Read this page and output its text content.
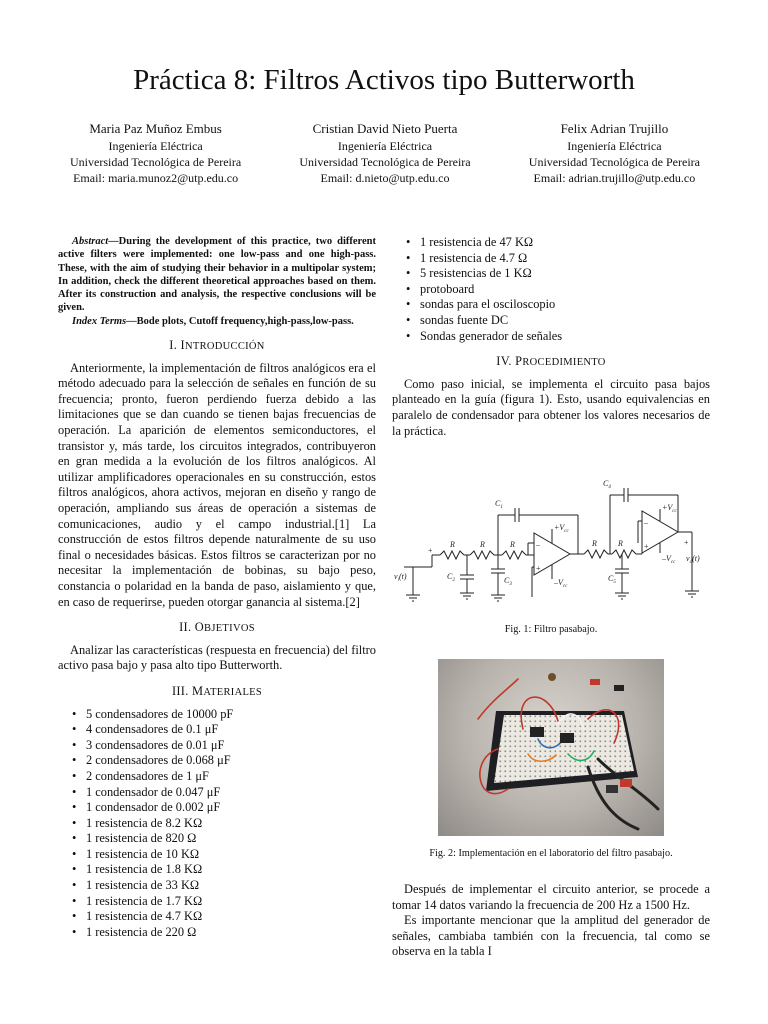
Práctica 8: Filtros Activos tipo Butterworth
Maria Paz Muñoz Embus
Ingeniería Eléctrica
Universidad Tecnológica de Pereira
Email: maria.munoz2@utp.edu.co
Cristian David Nieto Puerta
Ingeniería Eléctrica
Universidad Tecnológica de Pereira
Email: d.nieto@utp.edu.co
Felix Adrian Trujillo
Ingeniería Eléctrica
Universidad Tecnológica de Pereira
Email: adrian.trujillo@utp.edu.co

Abstract—During the development of this practice, two different active filters were implemented: one low-pass and one high-pass. These, with the aim of studying their behavior in a multipolar system; In addition, check the different theoretical approaches based on them. After its construction and analysis, the respective conclusions will be given.

Index Terms—Bode plots, Cutoff frequency,high-pass,low-pass.

I. INTRODUCCIÓN

Anteriormente, la implementación de filtros analógicos era el método adecuado para la selección de señales en función de su frecuencia; pronto, fueron perdiendo fuerza debido a las limitaciones que se dan cuando se tienen bajas frecuencias de operación. La aparición de elementos semiconductores, el transistor y, más tarde, los circuitos integrados, contribuyeron en gran medida a la evolución de los filtros analógicos. Al utilizar amplificadores operacionales en su construcción, estos filtros analógicos, ahora activos, mejoran en diseño y rango de operación, ampliando sus áreas de operación a sistemas de comunicaciones, audio y el campo industrial.[1] La construcción de estos filtros depende naturalmente de su uso final o necesidades básicas. Estos filtros se caracterizan por no necesitar la implementación de bobinas, su bajo peso, constancia o polaridad en la banda de paso, aislamiento y que, en caso de requerirse, pueden otorgar ganancia al sistema.[2]

II. OBJETIVOS

Analizar las características (respuesta en frecuencia) del filtro activo pasa bajo y pasa alto tipo Butterworth.

III. MATERIALES
• 5 condensadores de 10000 pF
• 4 condensadores de 0.1 μF
• 3 condensadores de 0.01 μF
• 2 condensadores de 0.068 μF
• 2 condensadores de 1 μF
• 1 condensador de 0.047 μF
• 1 condensador de 0.002 μF
• 1 resistencia de 8.2 KΩ
• 1 resistencia de 820 Ω
• 1 resistencia de 10 KΩ
• 1 resistencia de 1.8 KΩ
• 1 resistencia de 33 KΩ
• 1 resistencia de 1.7 KΩ
• 1 resistencia de 4.7 KΩ
• 1 resistencia de 220 Ω
• 1 resistencia de 47 KΩ
• 1 resistencia de 4.7 Ω
• 5 resistencias de 1 KΩ
• protoboard
• sondas para el osciloscopio
• sondas fuente DC
• Sondas generador de señales
IV. PROCEDIMIENTO

Como paso inicial, se implementa el circuito pasa bajos planteado en la guía (figura 1). Esto, usando equivalencias en paralelo de condensador para obtener los valores necesarios de la práctica.

$C_1$
$C_4$
$C_2$	$C_3$
$C_5$
R	R	R	R	R
$v_i(t)$
$v_o(t)$
$+V_{cc}$
$-V_{cc}$
$+V_{cc}$
$-V_{cc}$
–
+
–
+	+
+
Fig. 1: Filtro pasabajo.
Fig. 2: Implementación en el laboratorio del filtro pasabajo.

Después de implementar el circuito anterior, se procede a tomar 14 datos variando la frecuencia de 200 Hz a 1500 Hz.

Es importante mencionar que la amplitud del generador de señales, cambiaba también con la frecuencia, tal como se observa en la tabla I
